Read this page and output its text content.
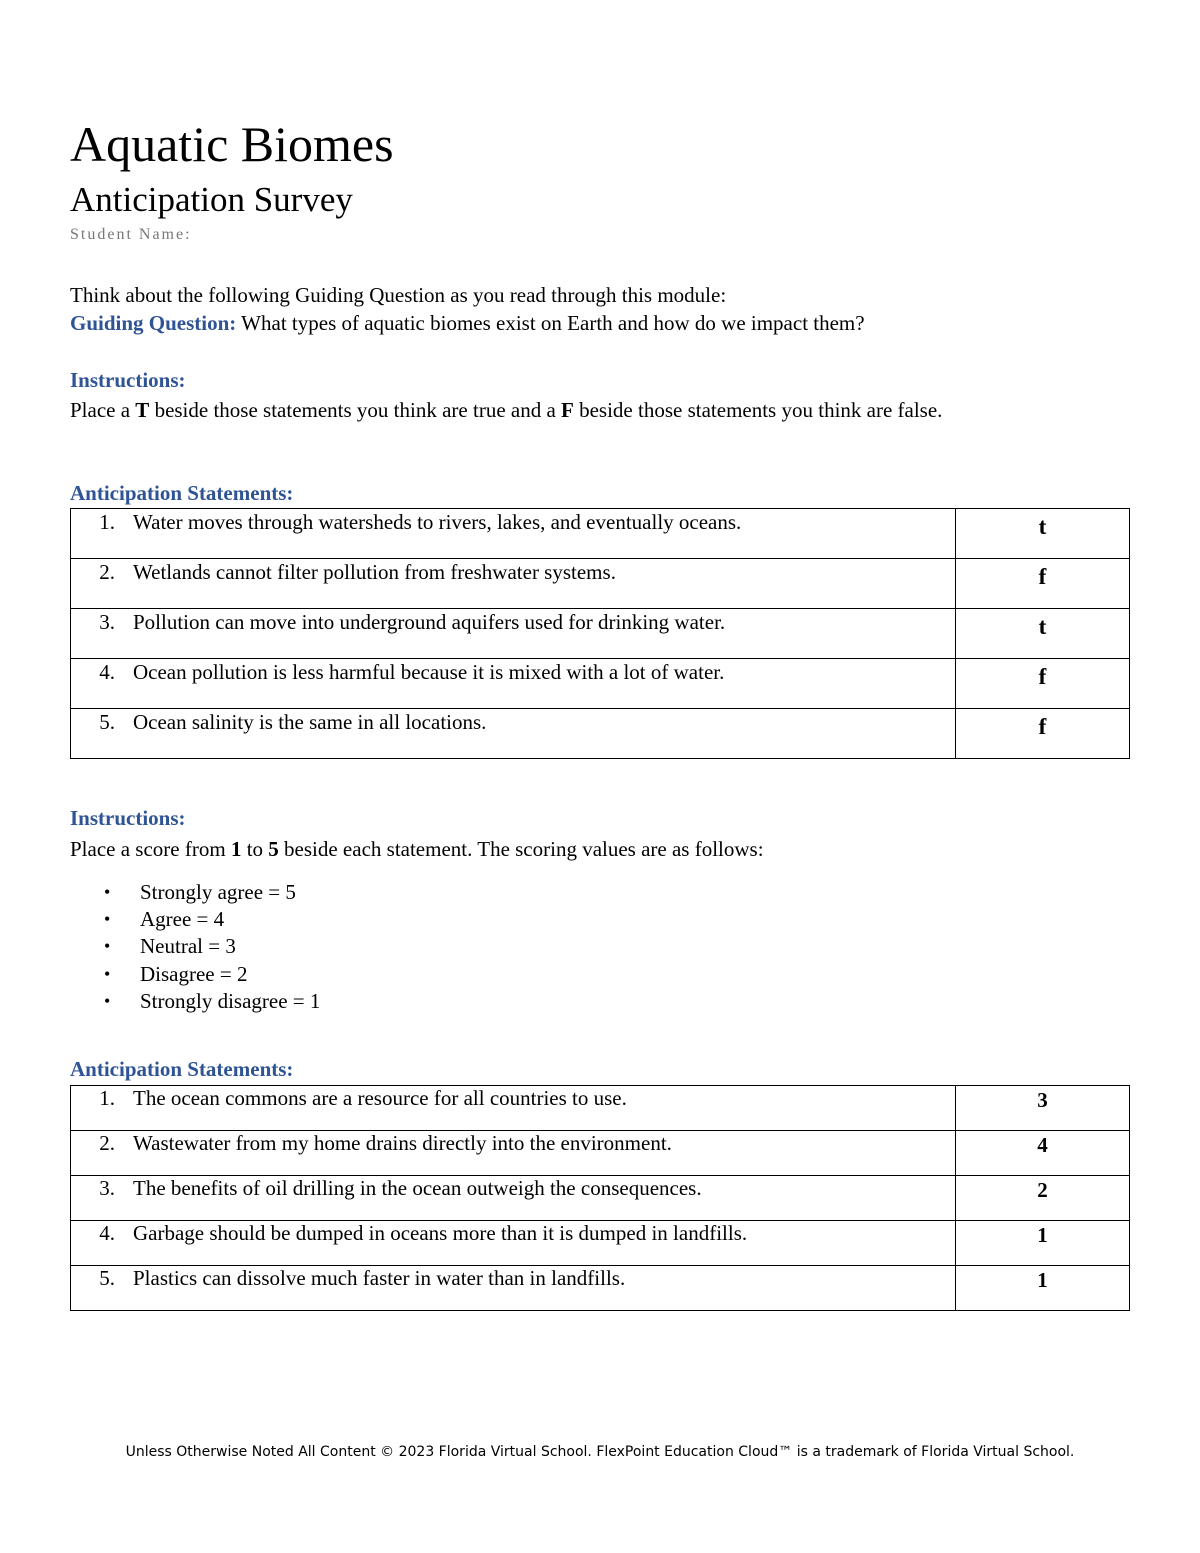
Aquatic Biomes
Anticipation Survey
Student Name:
Think about the following Guiding Question as you read through this module:
Guiding Question: What types of aquatic biomes exist on Earth and how do we impact them?
Instructions:
Place a T beside those statements you think are true and a F beside those statements you think are false.
Anticipation Statements:
1. Water moves through watersheds to rivers, lakes, and eventually oceans.	t

2. Wetlands cannot filter pollution from freshwater systems.	f

3. Pollution can move into underground aquifers used for drinking water.	t

4. Ocean pollution is less harmful because it is mixed with a lot of water.	f

5. Ocean salinity is the same in all locations.	f
Instructions:
Place a score from 1 to 5 beside each statement. The scoring values are as follows:
• Strongly agree = 5
• Agree = 4
• Neutral = 3
• Disagree = 2
• Strongly disagree = 1
Anticipation Statements:
1. The ocean commons are a resource for all countries to use.	3

2. Wastewater from my home drains directly into the environment.	4

3. The benefits of oil drilling in the ocean outweigh the consequences.	2

4. Garbage should be dumped in oceans more than it is dumped in landfills.	1

5. Plastics can dissolve much faster in water than in landfills.	1
Unless Otherwise Noted All Content © 2023 Florida Virtual School. FlexPoint Education Cloud™ is a trademark of Florida Virtual School.
